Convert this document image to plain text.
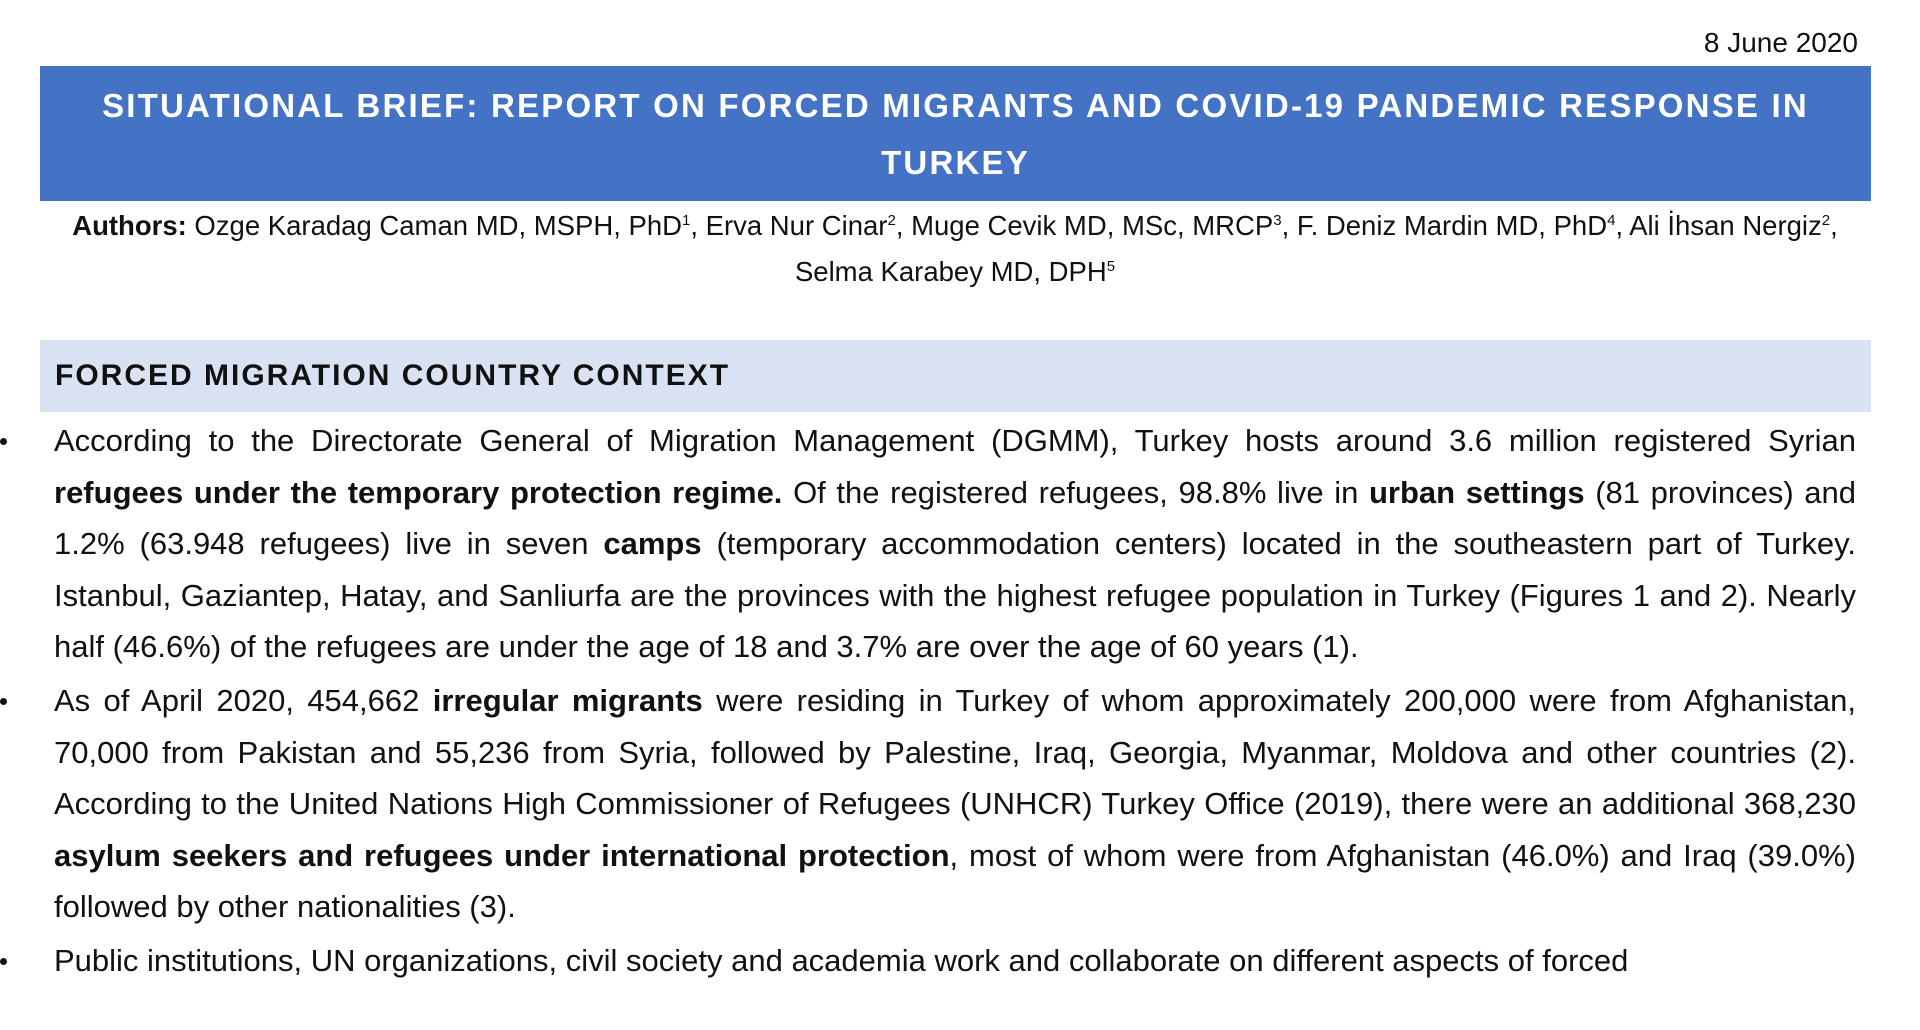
8 June 2020
SITUATIONAL BRIEF: REPORT ON FORCED MIGRANTS AND COVID-19 PANDEMIC RESPONSE IN TURKEY
Authors: Ozge Karadag Caman MD, MSPH, PhD$^1$, Erva Nur Cinar$^2$, Muge Cevik MD, MSc, MRCP$^3$, F. Deniz Mardin MD, PhD$^4$, Ali İhsan Nergiz$^2$, Selma Karabey MD, DPH$^5$
FORCED MIGRATION COUNTRY CONTEXT
According to the Directorate General of Migration Management (DGMM), Turkey hosts around 3.6 million registered Syrian refugees under the temporary protection regime. Of the registered refugees, 98.8% live in urban settings (81 provinces) and 1.2% (63.948 refugees) live in seven camps (temporary accommodation centers) located in the southeastern part of Turkey. Istanbul, Gaziantep, Hatay, and Sanliurfa are the provinces with the highest refugee population in Turkey (Figures 1 and 2). Nearly half (46.6%) of the refugees are under the age of 18 and 3.7% are over the age of 60 years (1).
As of April 2020, 454,662 irregular migrants were residing in Turkey of whom approximately 200,000 were from Afghanistan, 70,000 from Pakistan and 55,236 from Syria, followed by Palestine, Iraq, Georgia, Myanmar, Moldova and other countries (2). According to the United Nations High Commissioner of Refugees (UNHCR) Turkey Office (2019), there were an additional 368,230 asylum seekers and refugees under international protection, most of whom were from Afghanistan (46.0%) and Iraq (39.0%) followed by other nationalities (3).
Public institutions, UN organizations, civil society and academia work and collaborate on different aspects of forced
